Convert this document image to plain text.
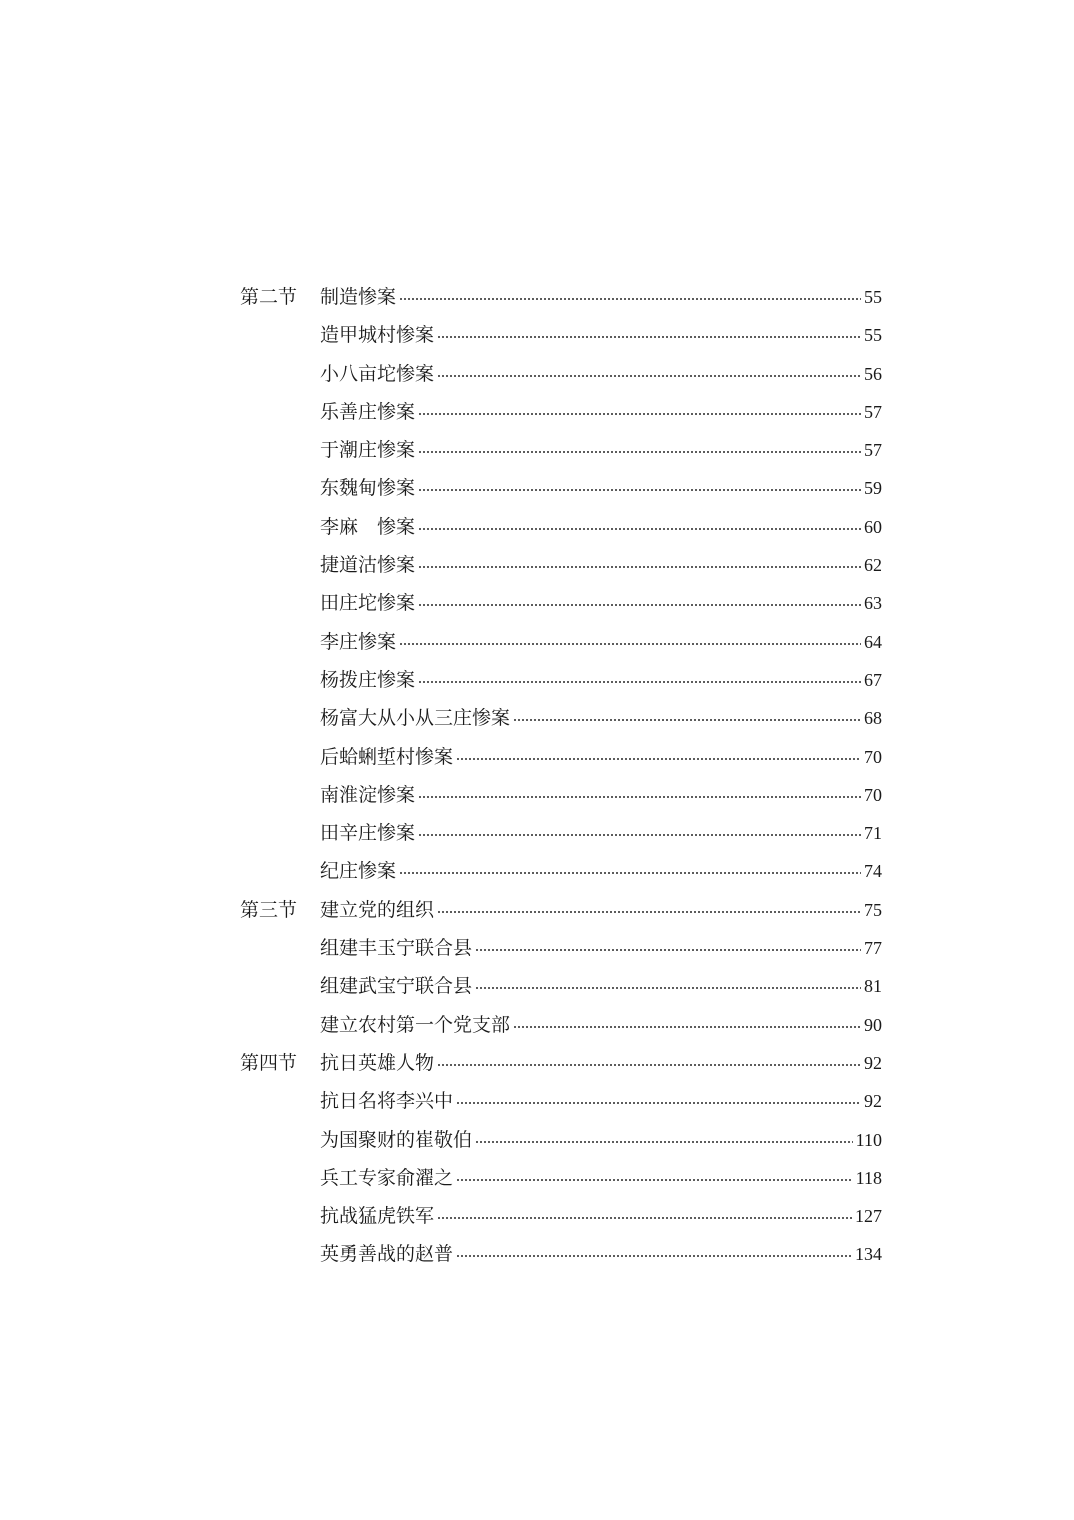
第二节 制造惨案	55
造甲城村惨案	55
小八亩坨惨案	56
乐善庄惨案	57
于潮庄惨案	57
东魏甸惨案	59
李麻　惨案	60
捷道沽惨案	62
田庄坨惨案	63
李庄惨案	64
杨拨庄惨案	67
杨富大从小从三庄惨案	68
后蛤蜊埑村惨案	70
南淮淀惨案	70
田辛庄惨案	71
纪庄惨案	74
第三节 建立党的组织	75
组建丰玉宁联合县	77
组建武宝宁联合县	81
建立农村第一个党支部	90
第四节 抗日英雄人物	92
抗日名将李兴中	92
为国聚财的崔敬伯	110
兵工专家俞濯之	118
抗战猛虎铁军	127
英勇善战的赵普	134
